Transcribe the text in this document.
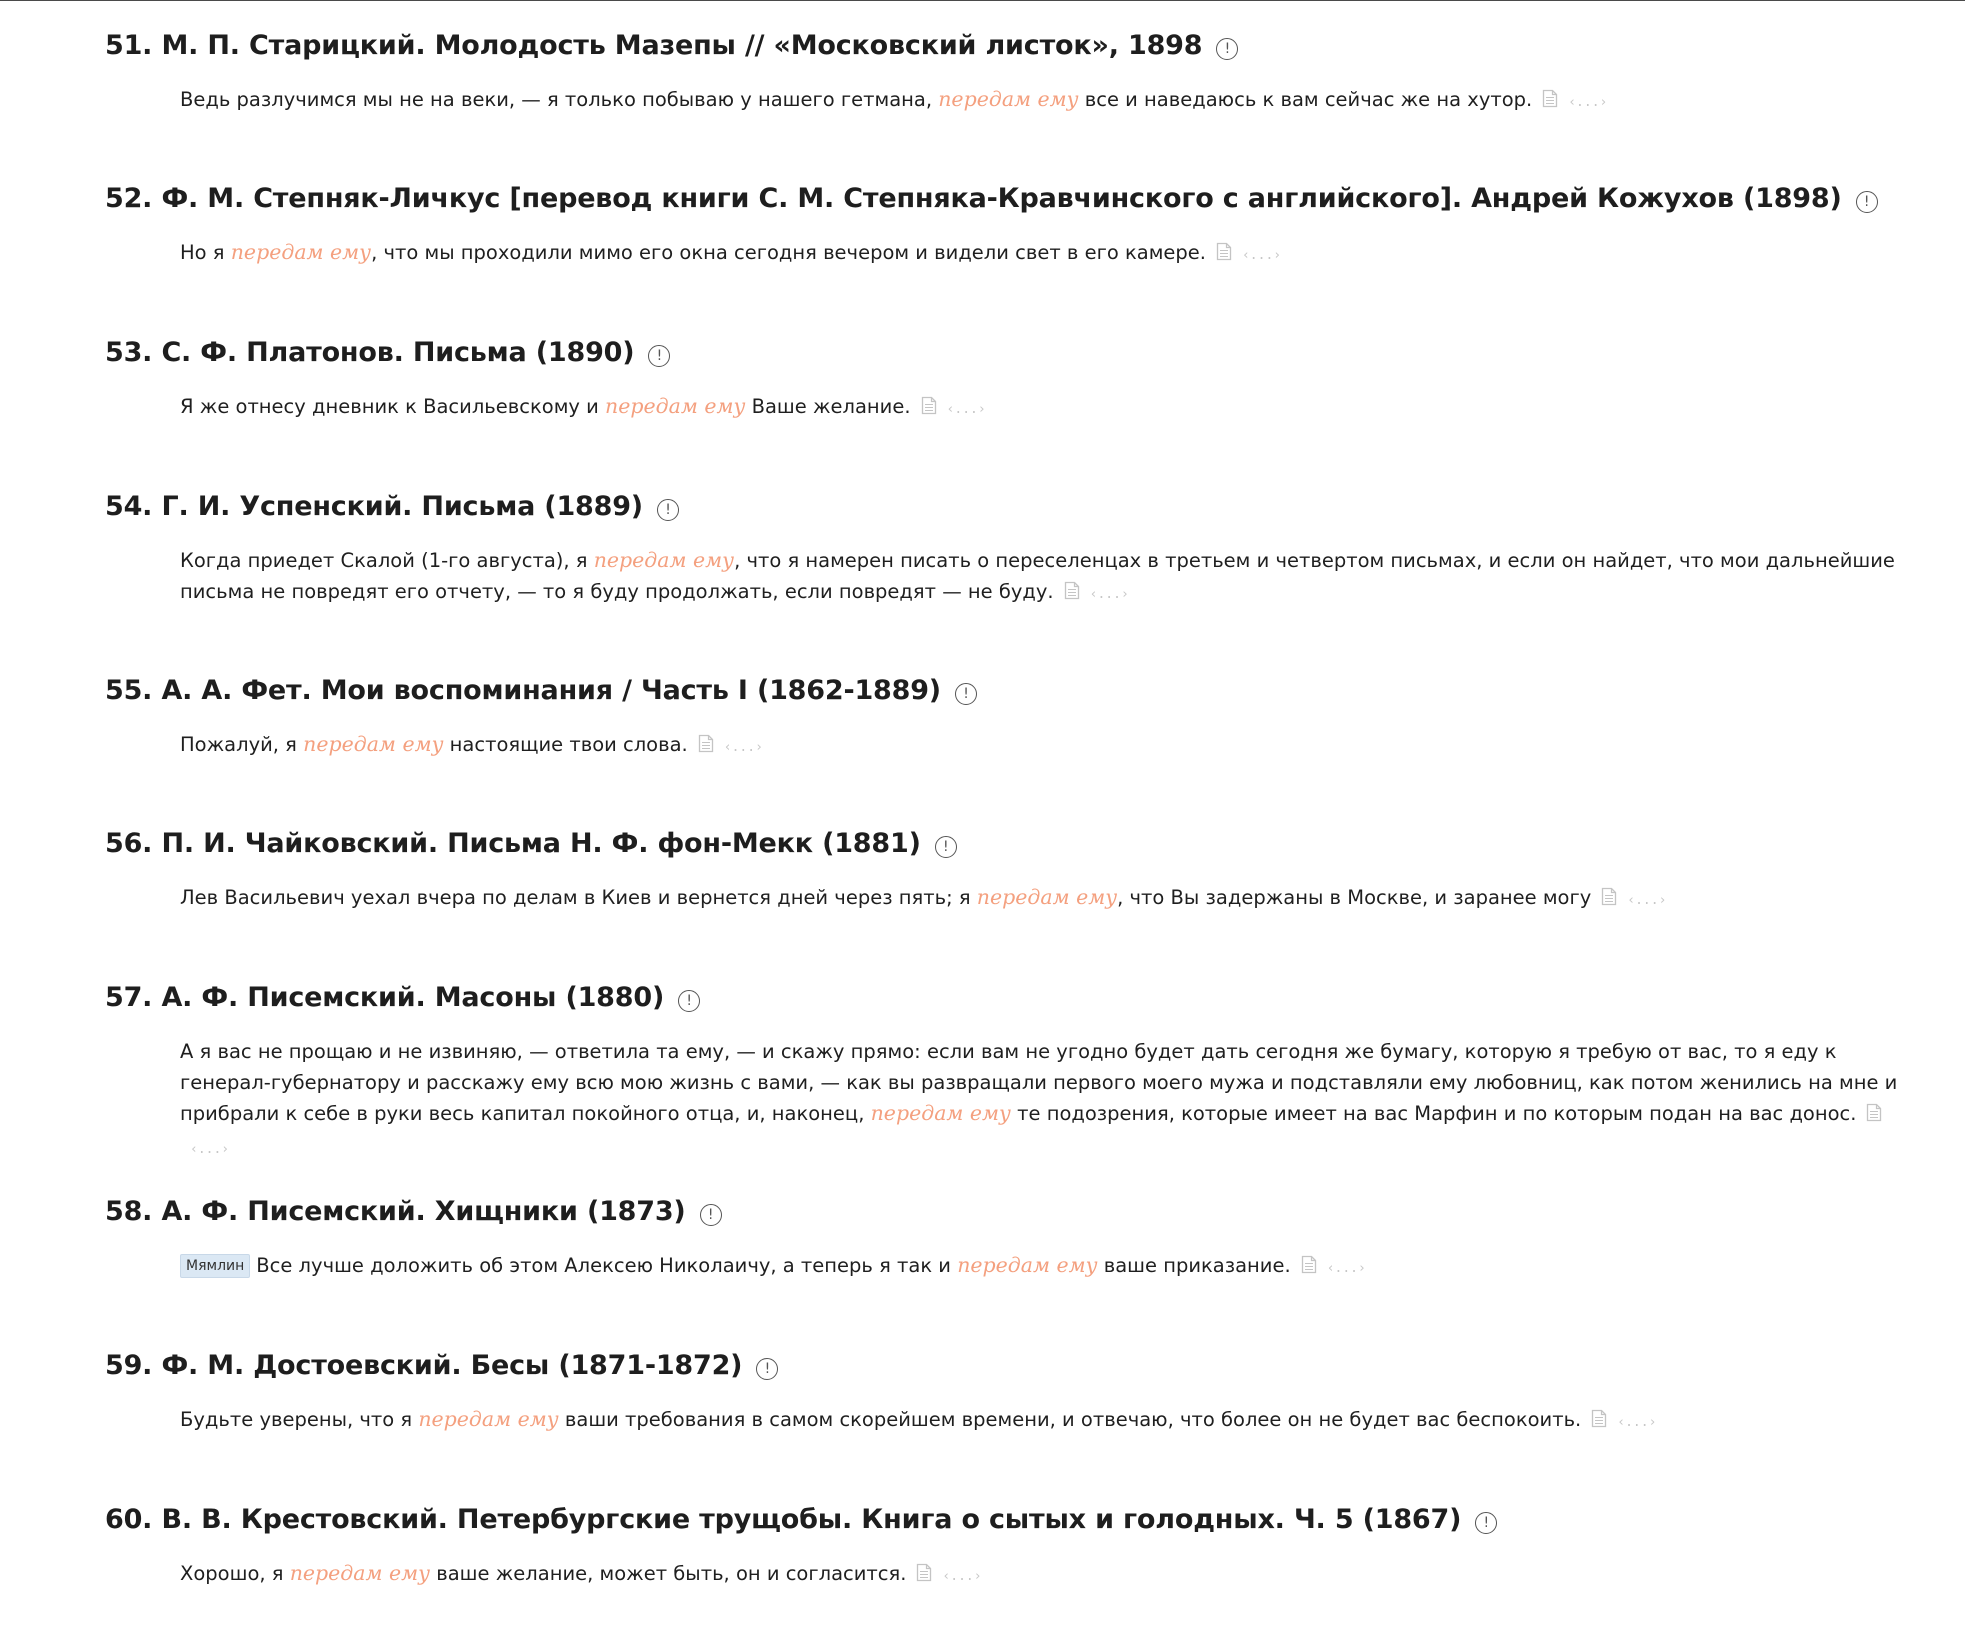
51. М. П. Старицкий. Молодость Мазепы // «Московский листок», 1898 !

Ведь разлучимся мы не на веки, — я только побываю у нашего гетмана, передам ему все и наведаюсь к вам сейчас же на хутор.	‹...›

52. Ф. М. Степняк-Личкус [перевод книги С. М. Степняка-Кравчинского с английского]. Андрей Кожухов (1898) !

Но я передам ему, что мы проходили мимо его окна сегодня вечером и видели свет в его камере.	‹...›

53. С. Ф. Платонов. Письма (1890) !

Я же отнесу дневник к Васильевскому и передам ему Ваше желание.	‹...›

54. Г. И. Успенский. Письма (1889) !

Когда приедет Скалой (1-го августа), я передам ему, что я намерен писать о переселенцах в третьем и четвертом письмах, и если он найдет, что мои дальнейшие письма не повредят его отчету, — то я буду продолжать, если повредят — не буду.	‹...›

55. А. А. Фет. Мои воспоминания / Часть I (1862-1889) !

Пожалуй, я передам ему настоящие твои слова.	‹...›

56. П. И. Чайковский. Письма Н. Ф. фон-Мекк (1881) !

Лев Васильевич уехал вчера по делам в Киев и вернется дней через пять; я передам ему, что Вы задержаны в Москве, и заранее могу	‹...›

57. А. Ф. Писемский. Масоны (1880) !

А я вас не прощаю и не извиняю, — ответила та ему, — и скажу прямо: если вам не угодно будет дать сегодня же бумагу, которую я требую от вас, то я еду к генерал-губернатору и расскажу ему всю мою жизнь с вами, — как вы развращали первого моего мужа и подставляли ему любовниц, как потом женились на мне и прибрали к себе в руки весь капитал покойного отца, и, наконец, передам ему те подозрения, которые имеет на вас Марфин и по которым подан на вас донос.‹...›

58. А. Ф. Писемский. Хищники (1873) !

Мямлин Все лучше доложить об этом Алексею Николаичу, а теперь я так и передам ему ваше приказание.	‹...›

59. Ф. М. Достоевский. Бесы (1871-1872) !

Будьте уверены, что я передам ему ваши требования в самом скорейшем времени, и отвечаю, что более он не будет вас беспокоить.	‹...›

60. В. В. Крестовский. Петербургские трущобы. Книга о сытых и голодных. Ч. 5 (1867) !

Хорошо, я передам ему ваше желание, может быть, он и согласится.	‹...›
